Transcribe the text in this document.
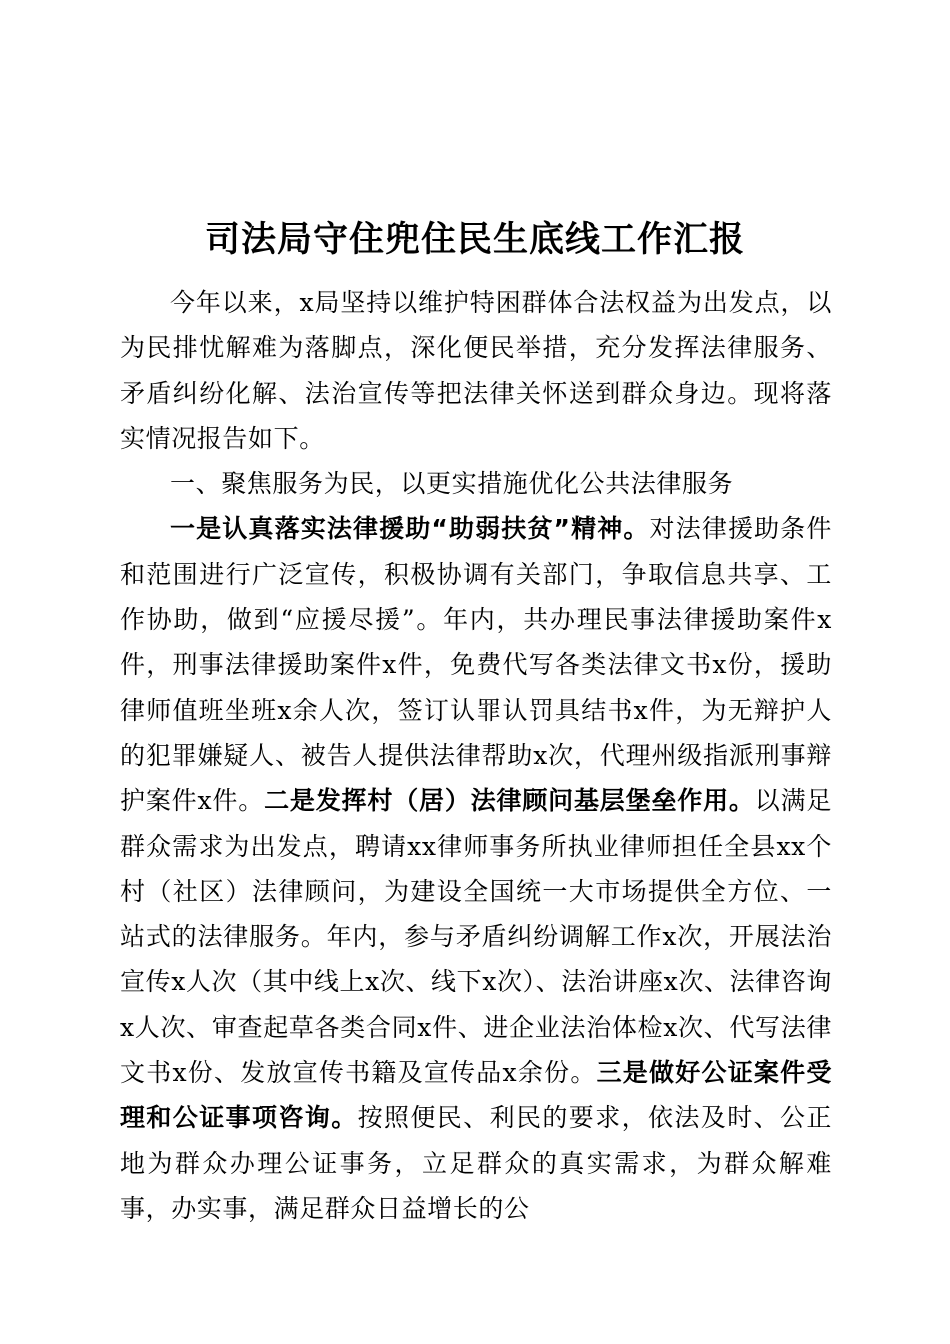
司法局守住兜住民生底线工作汇报

今年以来，x局坚持以维护特困群体合法权益为出发点，以为民排忧解难为落脚点，深化便民举措，充分发挥法律服务、矛盾纠纷化解、法治宣传等把法律关怀送到群众身边。现将落实情况报告如下。

一、聚焦服务为民，以更实措施优化公共法律服务

一是认真落实法律援助“助弱扶贫”精神。对法律援助条件和范围进行广泛宣传，积极协调有关部门，争取信息共享、工作协助，做到“应援尽援”。年内，共办理民事法律援助案件x件，刑事法律援助案件x件，免费代写各类法律文书x份，援助律师值班坐班x余人次，签订认罪认罚具结书x件，为无辩护人的犯罪嫌疑人、被告人提供法律帮助x次，代理州级指派刑事辩护案件x件。二是发挥村（居）法律顾问基层堡垒作用。以满足群众需求为出发点，聘请xx律师事务所执业律师担任全县xx个村（社区）法律顾问，为建设全国统一大市场提供全方位、一站式的法律服务。年内，参与矛盾纠纷调解工作x次，开展法治宣传x人次（其中线上x次、线下x次）、法治讲座x次、法律咨询x人次、审查起草各类合同x件、进企业法治体检x次、代写法律文书x份、发放宣传书籍及宣传品x余份。三是做好公证案件受理和公证事项咨询。按照便民、利民的要求，依法及时、公正地为群众办理公证事务，立足群众的真实需求，为群众解难事，办实事，满足群众日益增长的公
